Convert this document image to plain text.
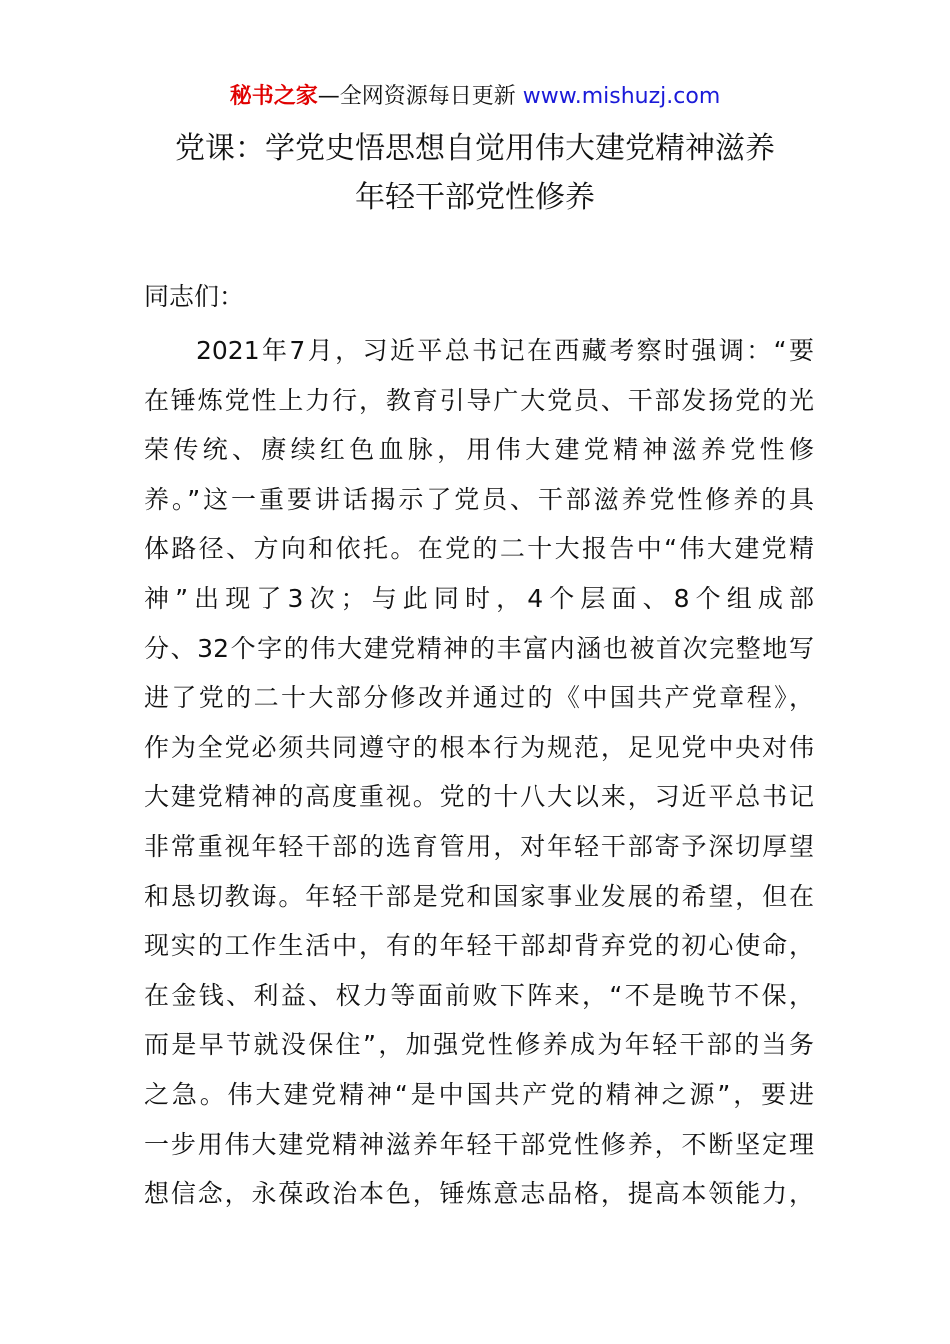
秘书之家—全网资源每日更新 www.mishuzj.com
党课：学党史悟思想自觉用伟大建党精神滋养
年轻干部党性修养
同志们：
2021年7月，习近平总书记在西藏考察时强调：“要
在锤炼党性上力行，教育引导广大党员、干部发扬党的光
荣传统、赓续红色血脉，用伟大建党精神滋养党性修
养。”这一重要讲话揭示了党员、干部滋养党性修养的具
体路径、方向和依托。在党的二十大报告中“伟大建党精
神”出现了3次；与此同时，4个层面、8个组成部
分、32个字的伟大建党精神的丰富内涵也被首次完整地写
进了党的二十大部分修改并通过的《中国共产党章程》，
作为全党必须共同遵守的根本行为规范，足见党中央对伟
大建党精神的高度重视。党的十八大以来，习近平总书记
非常重视年轻干部的选育管用，对年轻干部寄予深切厚望
和恳切教诲。年轻干部是党和国家事业发展的希望，但在
现实的工作生活中，有的年轻干部却背弃党的初心使命，
在金钱、利益、权力等面前败下阵来，“不是晚节不保，
而是早节就没保住”，加强党性修养成为年轻干部的当务
之急。伟大建党精神“是中国共产党的精神之源”，要进
一步用伟大建党精神滋养年轻干部党性修养，不断坚定理
想信念，永葆政治本色，锤炼意志品格，提高本领能力，
